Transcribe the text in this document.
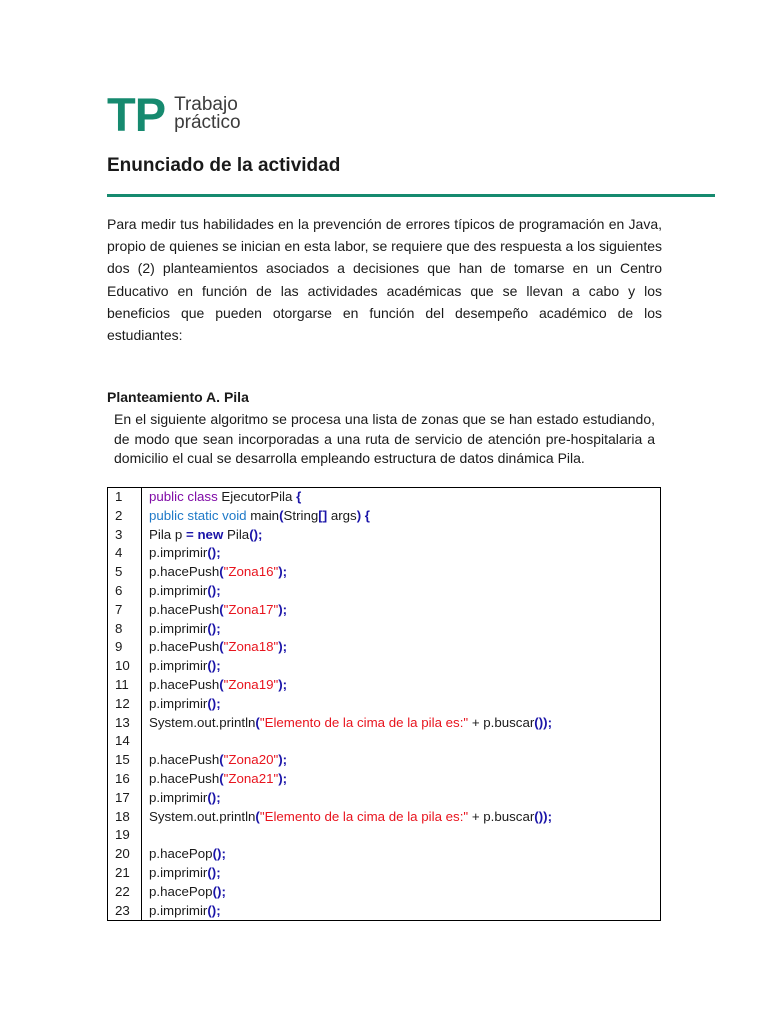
TP Trabajo
práctico
Enunciado de la actividad

Para medir tus habilidades en la prevención de errores típicos de programación en Java, propio de quienes se inician en esta labor, se requiere que des respuesta a los siguientes dos (2) planteamientos asociados a decisiones que han de tomarse en un Centro Educativo en función de las actividades académicas que se llevan a cabo y los beneficios que pueden otorgarse en función del desempeño académico de los estudiantes:

Planteamiento A. Pila

En el siguiente algoritmo se procesa una lista de zonas que se han estado estudiando, de modo que sean incorporadas a una ruta de servicio de atención pre-hospitalaria a domicilio el cual se desarrolla empleando estructura de datos dinámica Pila.

1	public class EjecutorPila {
2	public static void main(String[] args) {
3	Pila p = new Pila();
4	p.imprimir();
5	p.hacePush("Zona16");
6	p.imprimir();
7	p.hacePush("Zona17");
8	p.imprimir();
9	p.hacePush("Zona18");
10	p.imprimir();
11	p.hacePush("Zona19");
12	p.imprimir();
13	System.out.println("Elemento de la cima de la pila es:" + p.buscar());
14	
15	p.hacePush("Zona20");
16	p.hacePush("Zona21");
17	p.imprimir();
18	System.out.println("Elemento de la cima de la pila es:" + p.buscar());
19	
20	p.hacePop();
21	p.imprimir();
22	p.hacePop();
23	p.imprimir();
